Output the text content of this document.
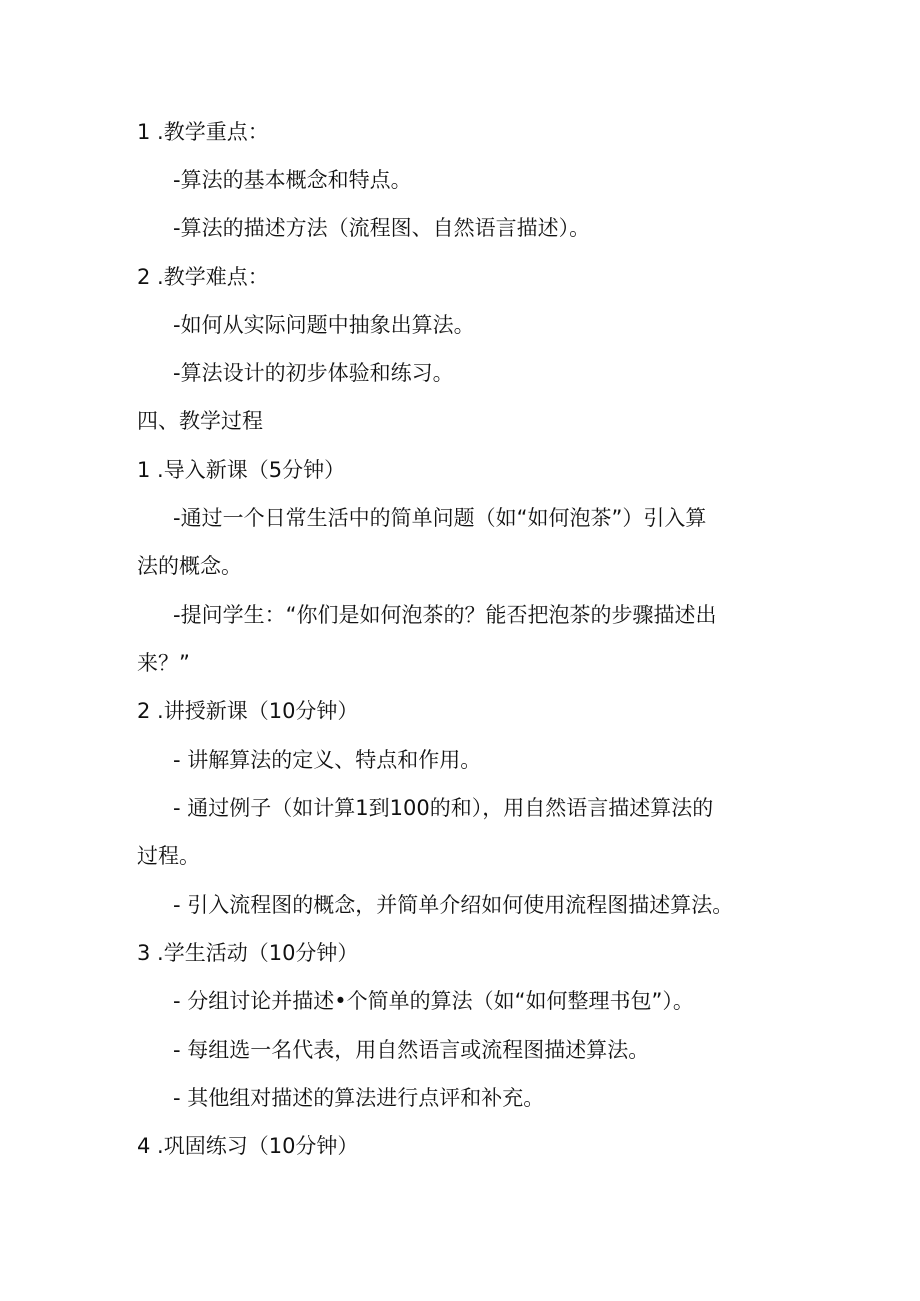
1 .教学重点：
-算法的基本概念和特点。
-算法的描述方法（流程图、自然语言描述）。
2 .教学难点：
-如何从实际问题中抽象出算法。
-算法设计的初步体验和练习。
四、教学过程
1 .导入新课（5分钟）
-通过一个日常生活中的简单问题（如“如何泡茶”）引入算
法的概念。
-提问学生：“你们是如何泡茶的？能否把泡茶的步骤描述出
来？”
2 .讲授新课（10分钟）
- 讲解算法的定义、特点和作用。
- 通过例子（如计算1到100的和），用自然语言描述算法的
过程。
- 引入流程图的概念，并简单介绍如何使用流程图描述算法。
3 .学生活动（10分钟）
- 分组讨论并描述•个简单的算法（如“如何整理书包”）。
- 每组选一名代表，用自然语言或流程图描述算法。
- 其他组对描述的算法进行点评和补充。
4 .巩固练习（10分钟）
